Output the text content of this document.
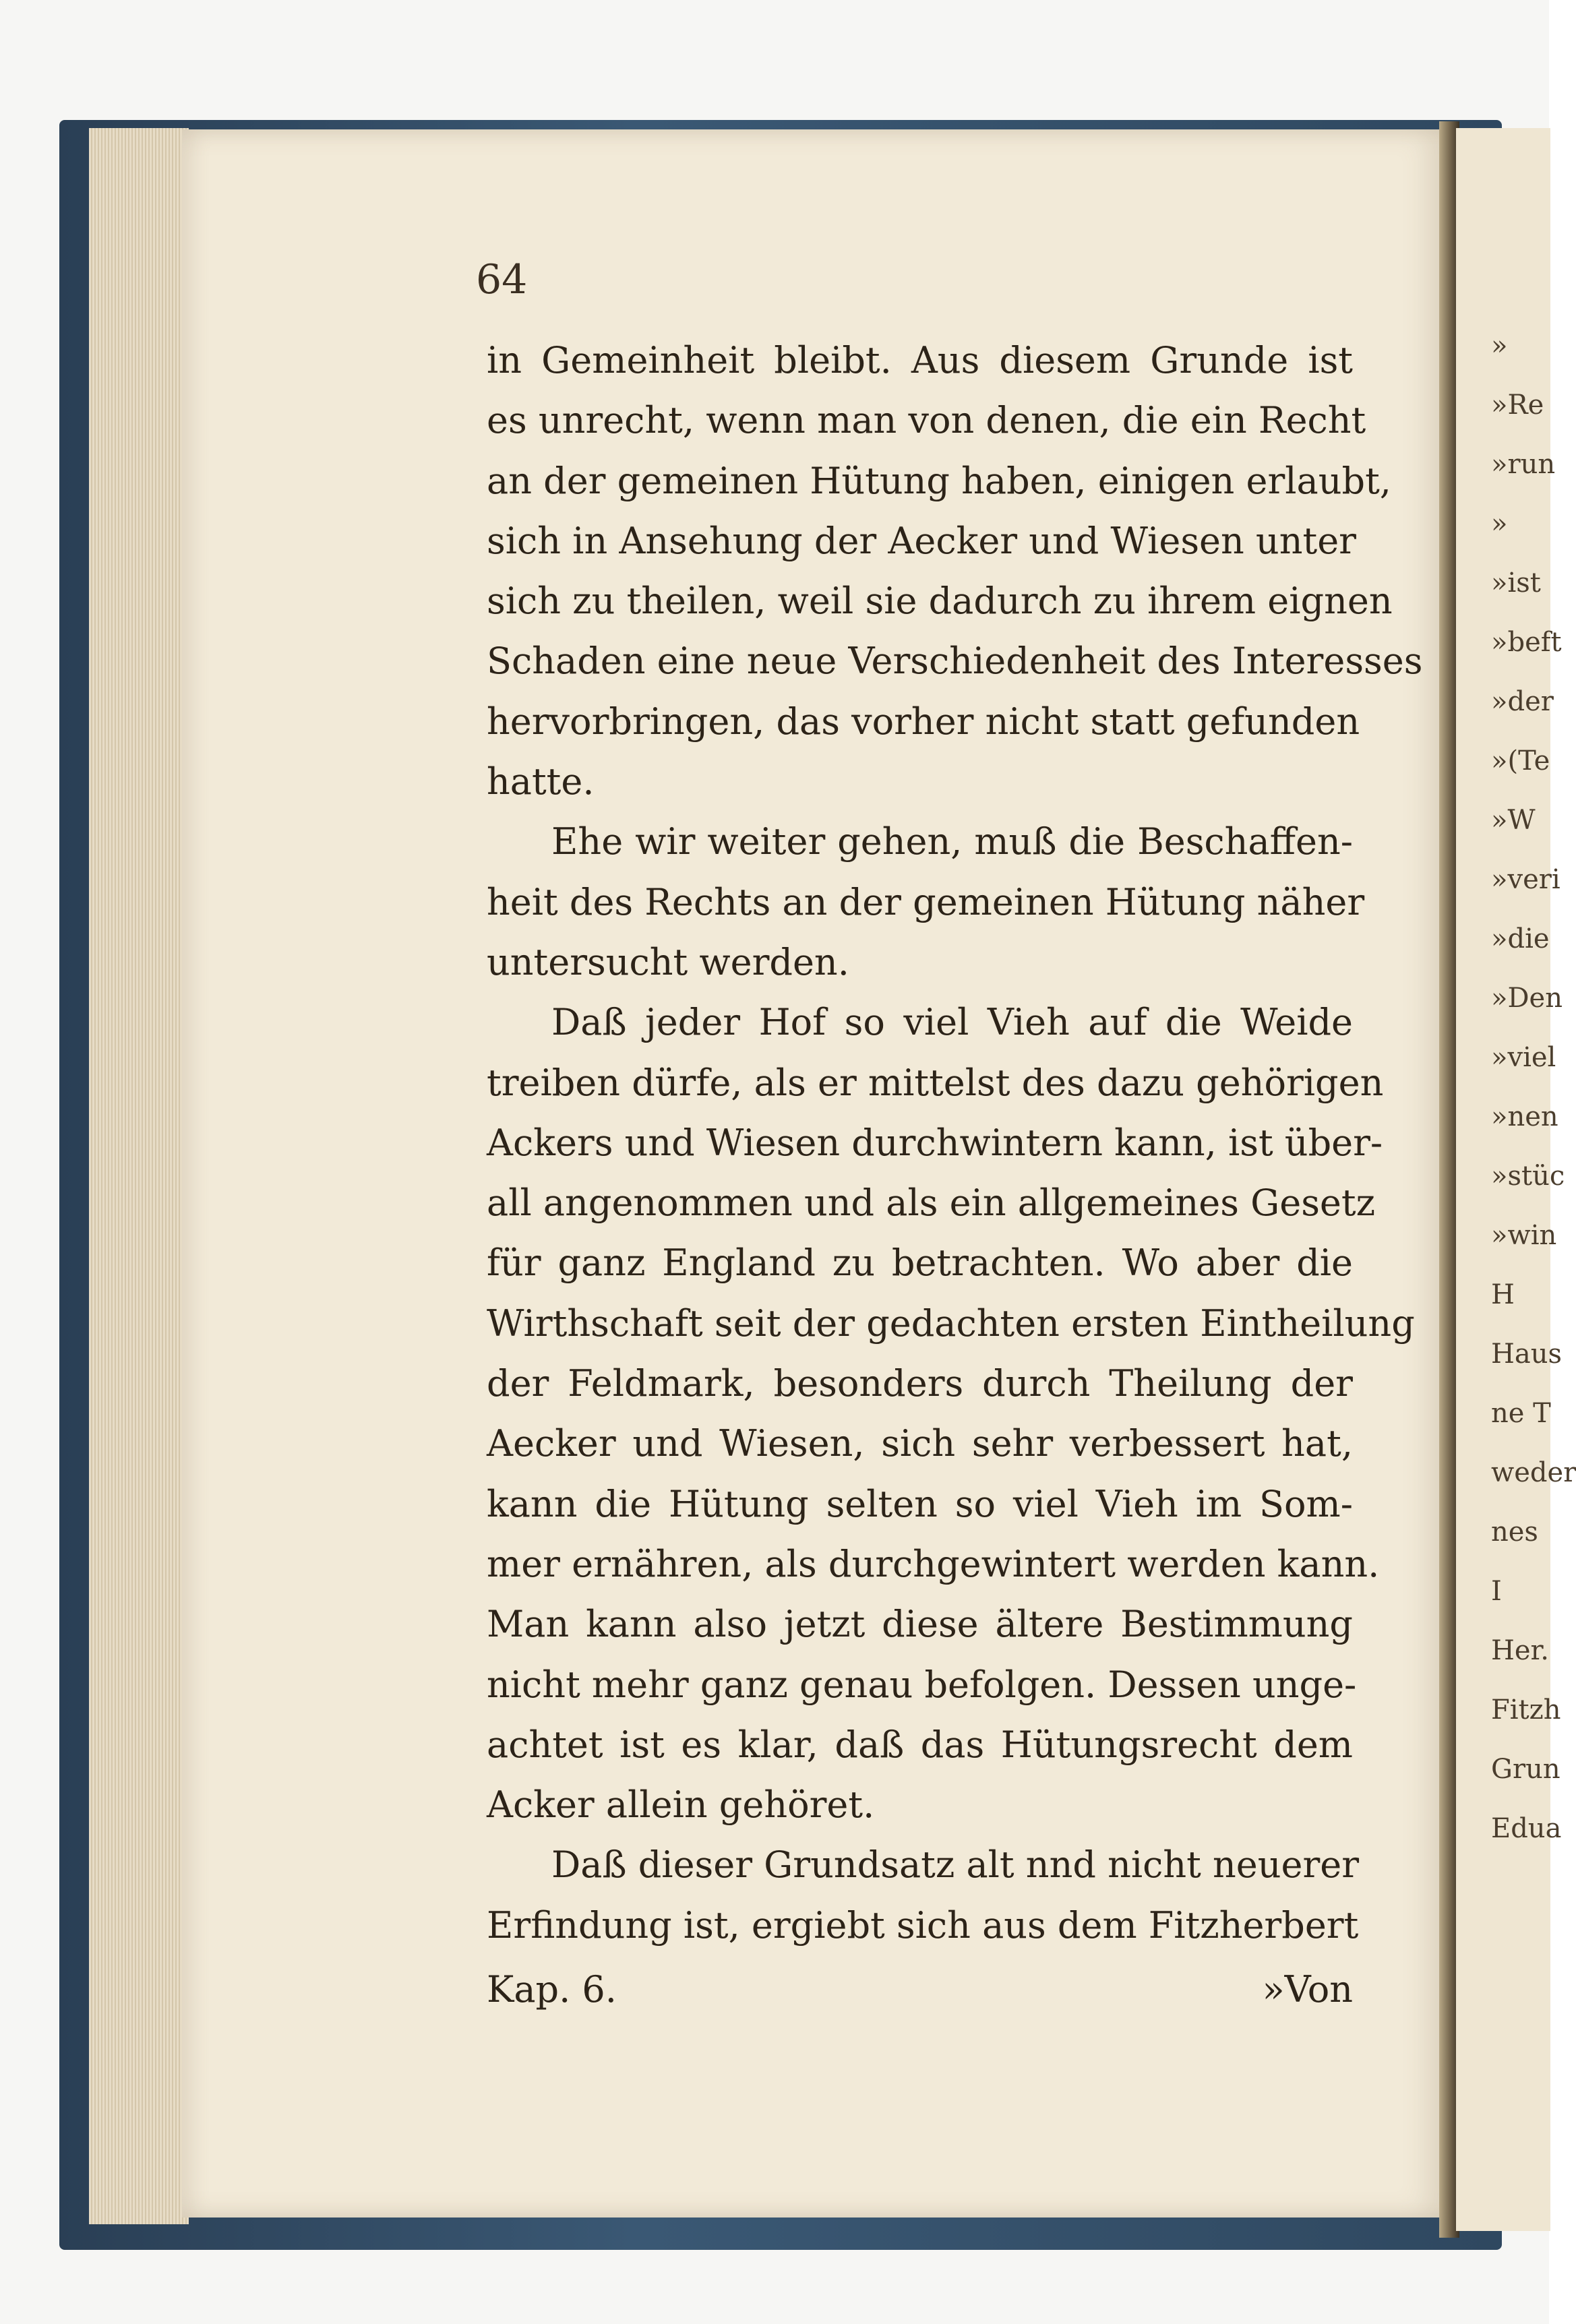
»
»Re
»run
»
»ist
»beft
»der
»(Te
»W
»veri
»die
»Den
»viel
»nen
»stüc
»win
H
Haus
ne T
weder
nes
I
Her.
Fitzh
Grun
Edua
64
in Gemeinheit bleibt. Aus diesem Grunde ist
es unrecht, wenn man von denen, die ein Recht
an der gemeinen Hütung haben, einigen erlaubt,
sich in Ansehung der Aecker und Wiesen unter
sich zu theilen, weil sie dadurch zu ihrem eignen
Schaden eine neue Verschiedenheit des Interesses
hervorbringen, das vorher nicht statt gefunden
hatte.
Ehe wir weiter gehen, muß die Beschaffen-
heit des Rechts an der gemeinen Hütung näher
untersucht werden.
Daß jeder Hof so viel Vieh auf die Weide
treiben dürfe, als er mittelst des dazu gehörigen
Ackers und Wiesen durchwintern kann, ist über-
all angenommen und als ein allgemeines Gesetz
für ganz England zu betrachten. Wo aber die
Wirthschaft seit der gedachten ersten Eintheilung
der Feldmark, besonders durch Theilung der
Aecker und Wiesen, sich sehr verbessert hat,
kann die Hütung selten so viel Vieh im Som-
mer ernähren, als durchgewintert werden kann.
Man kann also jetzt diese ältere Bestimmung
nicht mehr ganz genau befolgen. Dessen unge-
achtet ist es klar, daß das Hütungsrecht dem
Acker allein gehöret.
Daß dieser Grundsatz alt nnd nicht neuerer
Erfindung ist, ergiebt sich aus dem Fitzherbert
Kap. 6.	»Von
